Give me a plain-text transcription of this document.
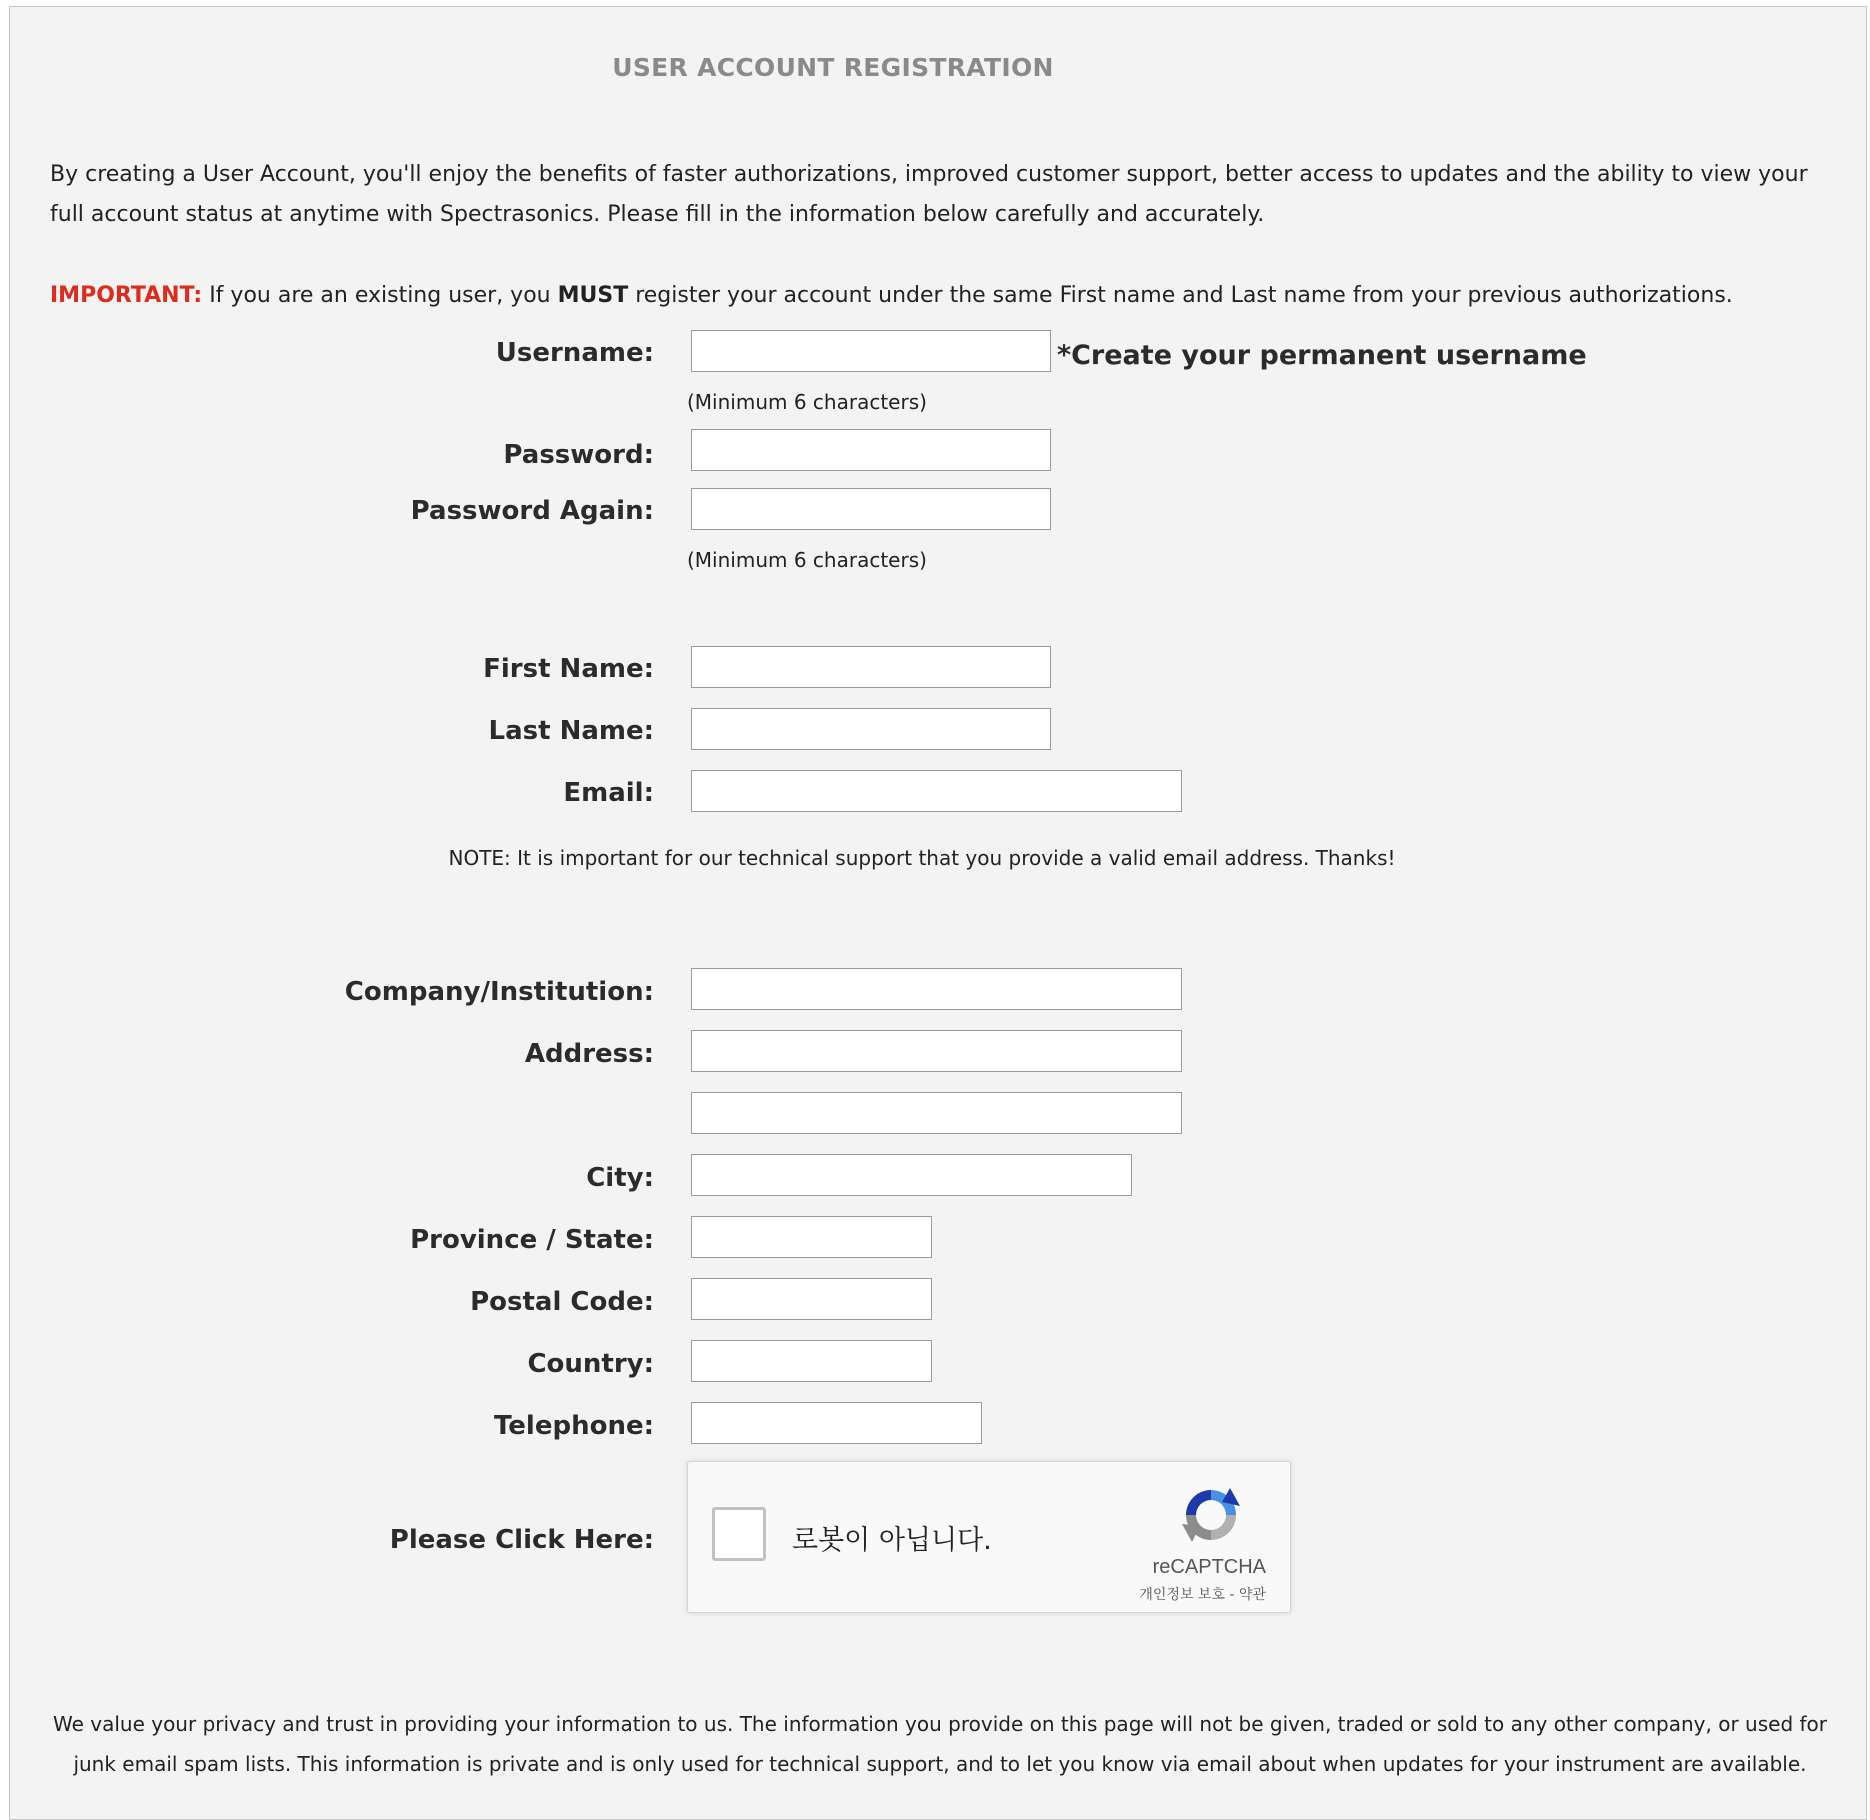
USER ACCOUNT REGISTRATION
By creating a User Account, you'll enjoy the benefits of faster authorizations, improved customer support, better access to updates and the ability to view your full account status at anytime with Spectrasonics. Please fill in the information below carefully and accurately.
IMPORTANT: If you are an existing user, you MUST register your account under the same First name and Last name from your previous authorizations.
Username:	*Create your permanent username
(Minimum 6 characters)
Password:
Password Again:
(Minimum 6 characters)
First Name:
Last Name:
Email:
NOTE: It is important for our technical support that you provide a valid email address. Thanks!
Company/Institution:
Address:
City:
Province / State:
Postal Code:
Country:
Telephone:
Please Click Here:	로봇이 아닙니다.
reCAPTCHA
개인정보 보호 - 약관
We value your privacy and trust in providing your information to us. The information you provide on this page will not be given, traded or sold to any other company, or used for junk email spam lists. This information is private and is only used for technical support, and to let you know via email about when updates for your instrument are available.
